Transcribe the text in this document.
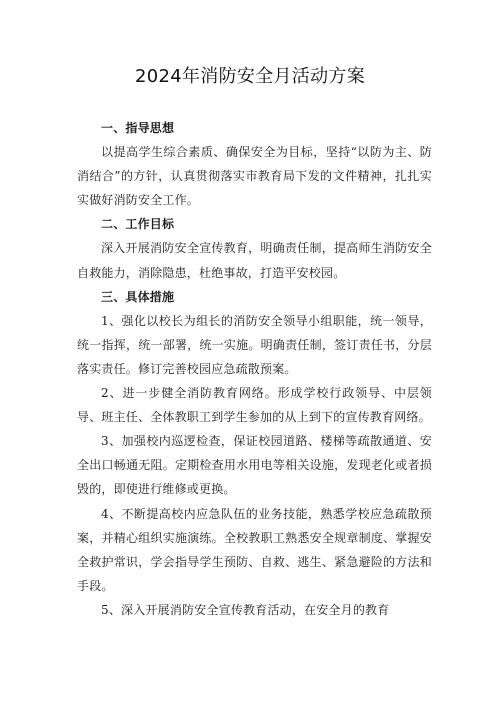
2024年消防安全月活动方案

一、指导思想

以提高学生综合素质、确保安全为目标，坚持“以防为主、防消结合”的方针，认真贯彻落实市教育局下发的文件精神，扎扎实实做好消防安全工作。

二、工作目标

深入开展消防安全宣传教育，明确责任制，提高师生消防安全自救能力，消除隐患，杜绝事故，打造平安校园。

三、具体措施

1、强化以校长为组长的消防安全领导小组职能，统一领导，统一指挥，统一部署，统一实施。明确责任制，签订责任书，分层落实责任。修订完善校园应急疏散预案。

2、进一步健全消防教育网络。形成学校行政领导、中层领导、班主任、全体教职工到学生参加的从上到下的宣传教育网络。

3、加强校内巡逻检查，保证校园道路、楼梯等疏散通道、安全出口畅通无阻。定期检查用水用电等相关设施，发现老化或者损毁的，即使进行维修或更换。

4、不断提高校内应急队伍的业务技能，熟悉学校应急疏散预案，并精心组织实施演练。全校教职工熟悉安全规章制度、掌握安全救护常识，学会指导学生预防、自救、逃生、紧急避险的方法和手段。

5、深入开展消防安全宣传教育活动，在安全月的教育
